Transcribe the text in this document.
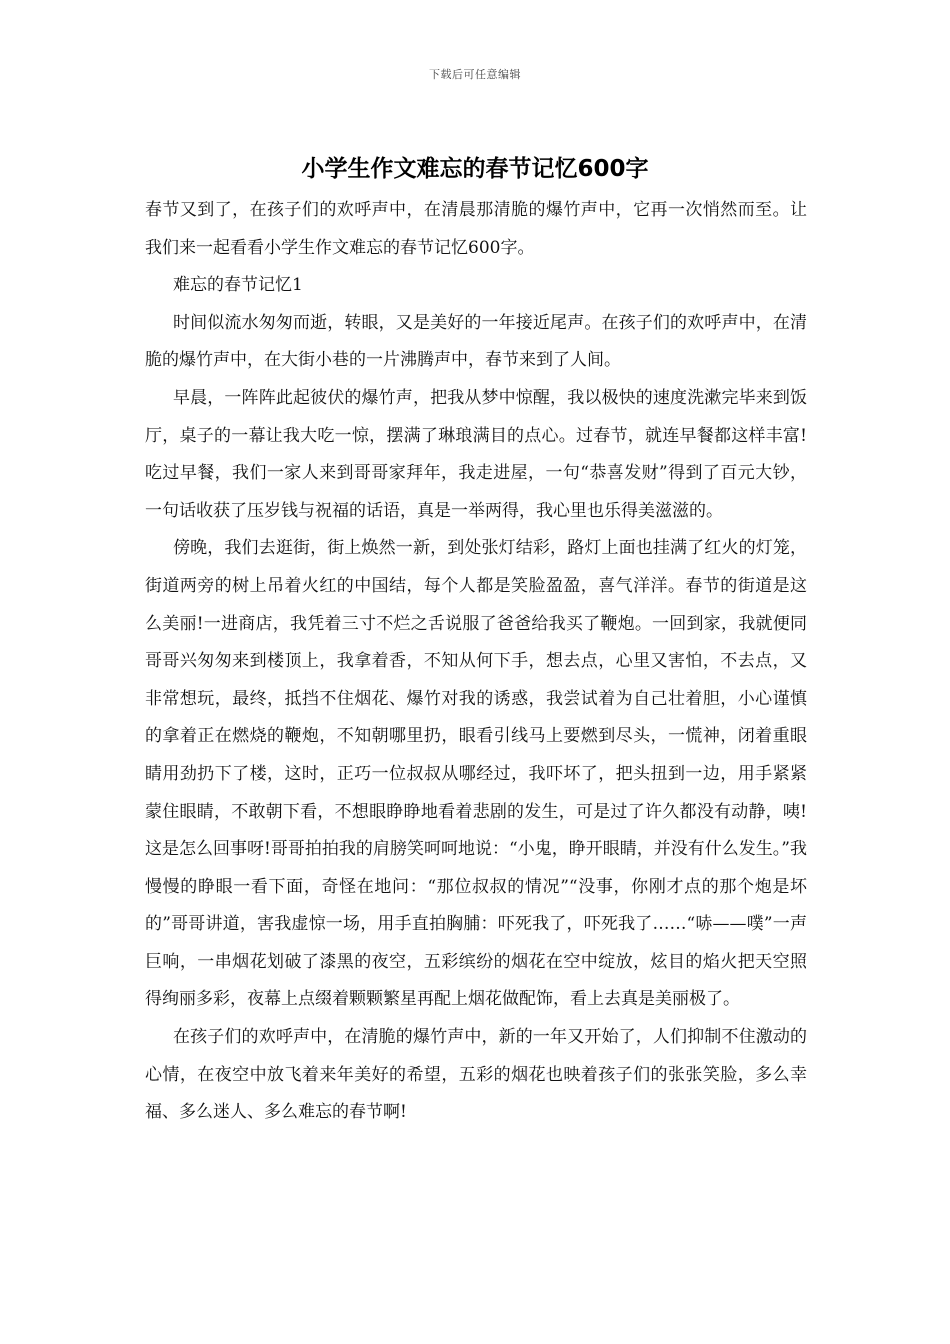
下载后可任意编辑
小学生作文难忘的春节记忆600字

春节又到了，在孩子们的欢呼声中，在清晨那清脆的爆竹声中，它再一次悄然而至。让我们来一起看看小学生作文难忘的春节记忆600字。

难忘的春节记忆1

时间似流水匆匆而逝，转眼，又是美好的一年接近尾声。在孩子们的欢呼声中，在清脆的爆竹声中，在大街小巷的一片沸腾声中，春节来到了人间。

早晨，一阵阵此起彼伏的爆竹声，把我从梦中惊醒，我以极快的速度洗漱完毕来到饭厅，桌子的一幕让我大吃一惊，摆满了琳琅满目的点心。过春节，就连早餐都这样丰富!吃过早餐，我们一家人来到哥哥家拜年，我走进屋，一句“恭喜发财”得到了百元大钞，一句话收获了压岁钱与祝福的话语，真是一举两得，我心里也乐得美滋滋的。

傍晚，我们去逛街，街上焕然一新，到处张灯结彩，路灯上面也挂满了红火的灯笼，街道两旁的树上吊着火红的中国结，每个人都是笑脸盈盈，喜气洋洋。春节的街道是这么美丽!一进商店，我凭着三寸不烂之舌说服了爸爸给我买了鞭炮。一回到家，我就便同哥哥兴匆匆来到楼顶上，我拿着香，不知从何下手，想去点，心里又害怕，不去点，又非常想玩，最终，抵挡不住烟花、爆竹对我的诱惑，我尝试着为自己壮着胆，小心谨慎的拿着正在燃烧的鞭炮，不知朝哪里扔，眼看引线马上要燃到尽头，一慌神，闭着重眼睛用劲扔下了楼，这时，正巧一位叔叔从哪经过，我吓坏了，把头扭到一边，用手紧紧蒙住眼睛，不敢朝下看，不想眼睁睁地看着悲剧的发生，可是过了许久都没有动静，咦!这是怎么回事呀!哥哥拍拍我的肩膀笑呵呵地说：“小鬼，睁开眼睛，并没有什么发生。”我慢慢的睁眼一看下面，奇怪在地问：“那位叔叔的情况”“没事，你刚才点的那个炮是坏的”哥哥讲道，害我虚惊一场，用手直拍胸脯：吓死我了，吓死我了……“哧——噗”一声巨响，一串烟花划破了漆黑的夜空，五彩缤纷的烟花在空中绽放，炫目的焰火把天空照得绚丽多彩，夜幕上点缀着颗颗繁星再配上烟花做配饰，看上去真是美丽极了。

在孩子们的欢呼声中，在清脆的爆竹声中，新的一年又开始了，人们抑制不住激动的心情，在夜空中放飞着来年美好的希望，五彩的烟花也映着孩子们的张张笑脸，多么幸福、多么迷人、多么难忘的春节啊!
